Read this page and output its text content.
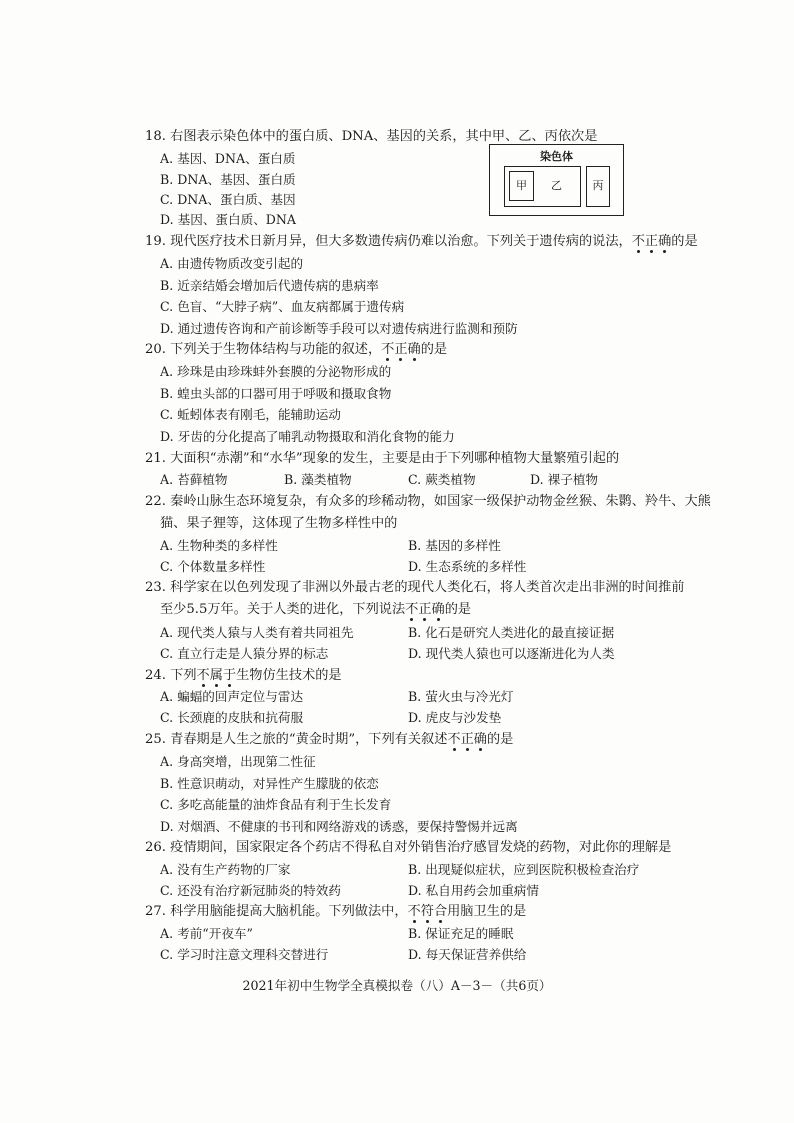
18. 右图表示染色体中的蛋白质、DNA、基因的关系，其中甲、乙、丙依次是
A. 基因、DNA、蛋白质
B. DNA、基因、蛋白质
C. DNA、蛋白质、基因
D. 基因、蛋白质、DNA
染色体
甲	乙	丙
19. 现代医疗技术日新月异，但大多数遗传病仍难以治愈。下列关于遗传病的说法，不正确的是
A. 由遗传物质改变引起的
B. 近亲结婚会增加后代遗传病的患病率
C. 色盲、“大脖子病”、血友病都属于遗传病
D. 通过遗传咨询和产前诊断等手段可以对遗传病进行监测和预防
20. 下列关于生物体结构与功能的叙述，不正确的是
A. 珍珠是由珍珠蚌外套膜的分泌物形成的
B. 蝗虫头部的口器可用于呼吸和摄取食物
C. 蚯蚓体表有刚毛，能辅助运动
D. 牙齿的分化提高了哺乳动物摄取和消化食物的能力
21. 大面积“赤潮”和“水华”现象的发生，主要是由于下列哪种植物大量繁殖引起的
A. 苔藓植物	B. 藻类植物	C. 蕨类植物	D. 裸子植物
22. 秦岭山脉生态环境复杂，有众多的珍稀动物，如国家一级保护动物金丝猴、朱鹮、羚牛、大熊
猫、果子狸等，这体现了生物多样性中的
A. 生物种类的多样性	B. 基因的多样性
C. 个体数量多样性	D. 生态系统的多样性
23. 科学家在以色列发现了非洲以外最古老的现代人类化石，将人类首次走出非洲的时间推前
至少5.5万年。关于人类的进化，下列说法不正确的是
A. 现代类人猿与人类有着共同祖先	B. 化石是研究人类进化的最直接证据
C. 直立行走是人猿分界的标志	D. 现代类人猿也可以逐渐进化为人类
24. 下列不属于生物仿生技术的是
A. 蝙蝠的回声定位与雷达	B. 萤火虫与冷光灯
C. 长颈鹿的皮肤和抗荷服	D. 虎皮与沙发垫
25. 青春期是人生之旅的“黄金时期”，下列有关叙述不正确的是
A. 身高突增，出现第二性征
B. 性意识萌动，对异性产生朦胧的依恋
C. 多吃高能量的油炸食品有利于生长发育
D. 对烟酒、不健康的书刊和网络游戏的诱惑，要保持警惕并远离
26. 疫情期间，国家限定各个药店不得私自对外销售治疗感冒发烧的药物，对此你的理解是
A. 没有生产药物的厂家	B. 出现疑似症状，应到医院积极检查治疗
C. 还没有治疗新冠肺炎的特效药	D. 私自用药会加重病情
27. 科学用脑能提高大脑机能。下列做法中，不符合用脑卫生的是
A. 考前“开夜车”	B. 保证充足的睡眠
C. 学习时注意文理科交替进行	D. 每天保证营养供给
2021年初中生物学全真模拟卷（八）A－3－（共6页）
